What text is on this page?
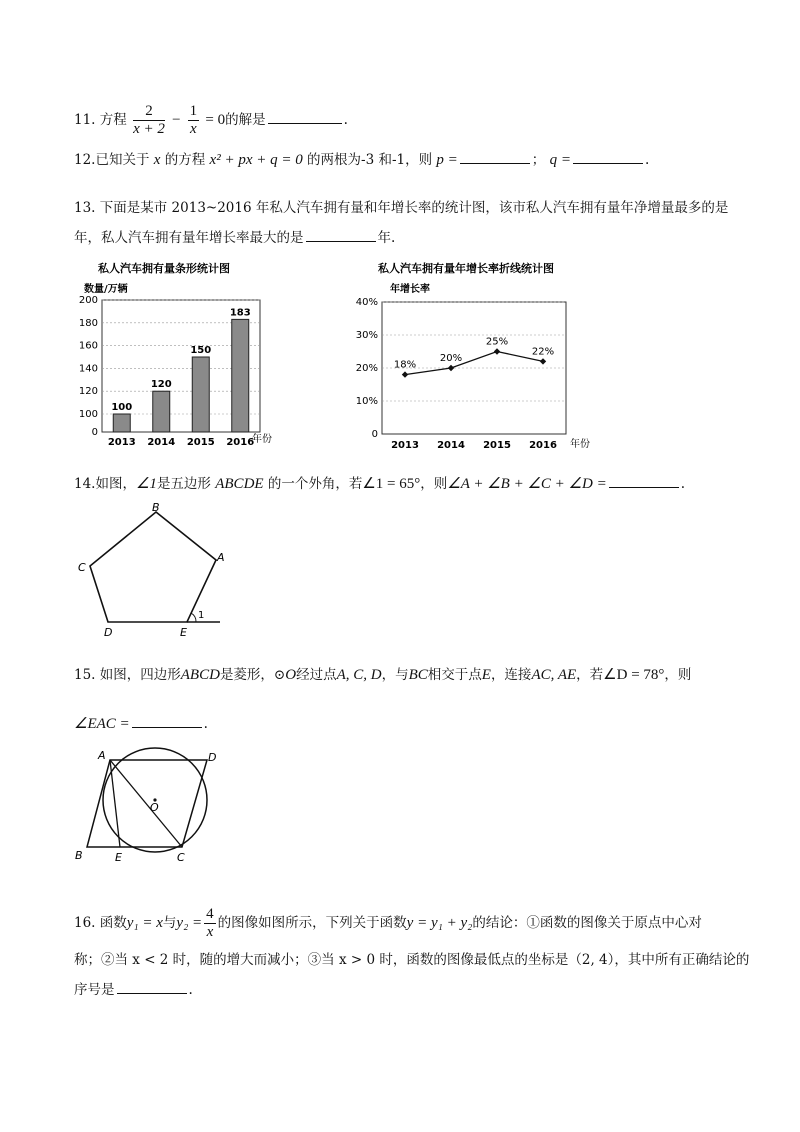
11. 方程 $\frac{2}{x + 2} - \frac{1}{x} = 0$的解是	.
12.已知关于 x 的方程 x² + px + q = 0 的两根为-3 和-1，则 p =	； q =	.
13. 下面是某市 2013~2016 年私人汽车拥有量和年增长率的统计图，该市私人汽车拥有量年净增量最多的是
年，私人汽车拥有量年增长率最大的是	年.
私人汽车拥有量条形统计图
数量/万辆
年份
0
100
120
140
160
180
200
100
2013
120
2014
150
2015
183
2016
私人汽车拥有量年增长率折线统计图
年增长率
年份
0
10%
20%
30%
40%
18%
2013
20%
2014
25%
2015
22%
2016
14.如图，∠1是五边形 ABCDE 的一个外角，若∠1 = 65°，则∠A + ∠B + ∠C + ∠D =	.
B
A
C
D	E
1
15. 如图，四边形ABCD是菱形，⊙O经过点A, C, D，与BC相交于点E，连接AC, AE，若∠D = 78°，则
∠EAC =	.
A	D
O
B	E	C
16. 函数y₁ = x与$y_2 = \frac{4}{x}$ 的图像如图所示，下列关于函数y = y₁ + y₂的结论：①函数的图像关于原点中心对
称；②当 x < 2 时，随的增大而减小；③当 x > 0 时，函数的图像最低点的坐标是（2, 4），其中所有正确结论的
序号是	.
